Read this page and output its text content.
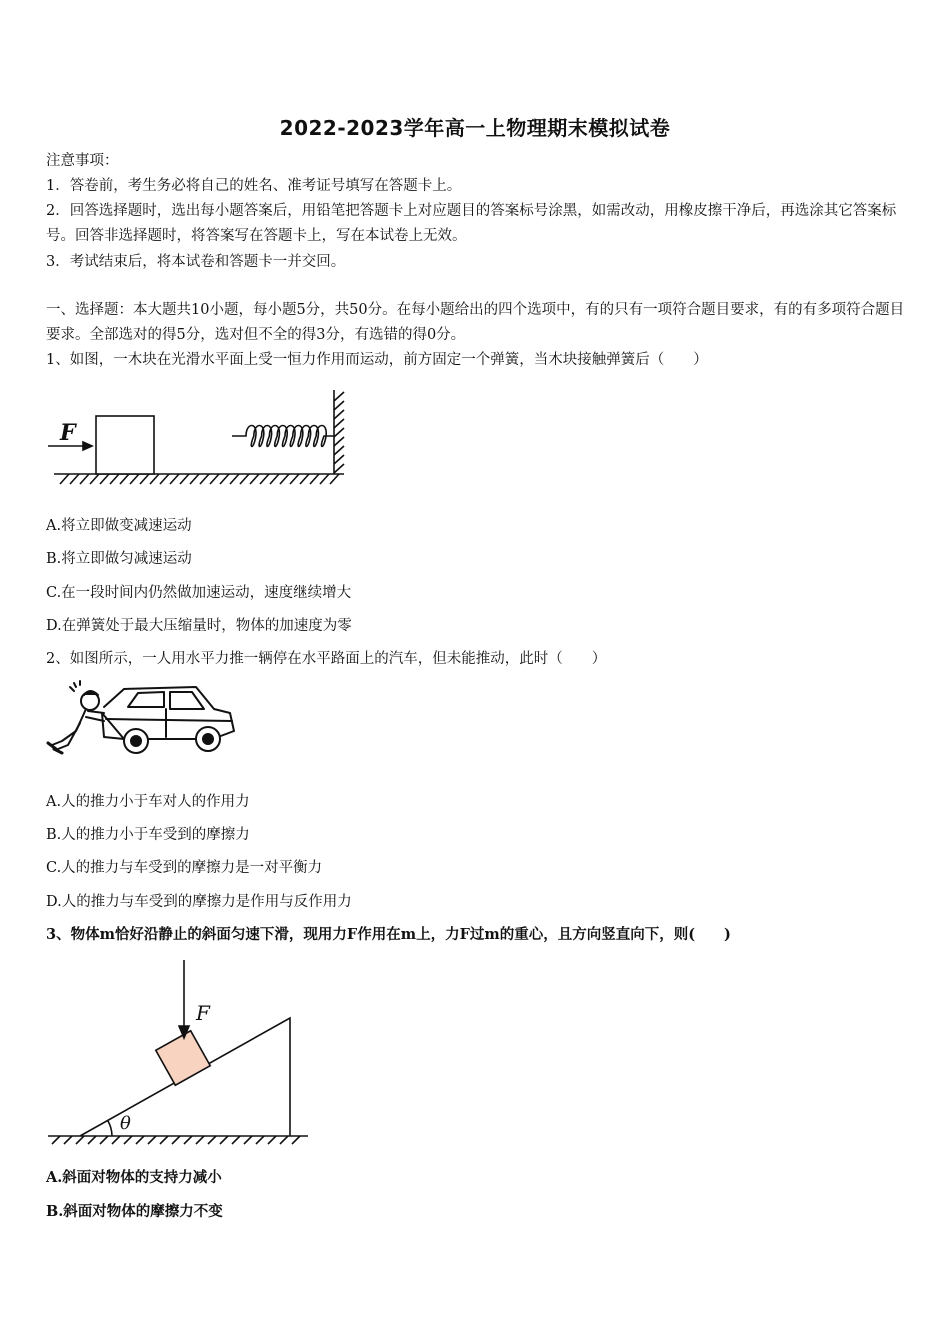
2022-2023学年高一上物理期末模拟试卷
注意事项：
1．答卷前，考生务必将自己的姓名、准考证号填写在答题卡上。
2．回答选择题时，选出每小题答案后，用铅笔把答题卡上对应题目的答案标号涂黑，如需改动，用橡皮擦干净后，再选涂其它答案标号。回答非选择题时，将答案写在答题卡上，写在本试卷上无效。
3．考试结束后，将本试卷和答题卡一并交回。
一、选择题：本大题共10小题，每小题5分，共50分。在每小题给出的四个选项中，有的只有一项符合题目要求，有的有多项符合题目要求。全部选对的得5分，选对但不全的得3分，有选错的得0分。
1、如图，一木块在光滑水平面上受一恒力作用而运动，前方固定一个弹簧，当木块接触弹簧后（　　）
F
A.将立即做变减速运动
B.将立即做匀减速运动
C.在一段时间内仍然做加速运动，速度继续增大
D.在弹簧处于最大压缩量时，物体的加速度为零
2、如图所示，一人用水平力推一辆停在水平路面上的汽车，但未能推动，此时（　　）
A.人的推力小于车对人的作用力
B.人的推力小于车受到的摩擦力
C.人的推力与车受到的摩擦力是一对平衡力
D.人的推力与车受到的摩擦力是作用与反作用力
3、物体m恰好沿静止的斜面匀速下滑，现用力F作用在m上，力F过m的重心，且方向竖直向下，则(　　)
F
θ
A.斜面对物体的支持力减小
B.斜面对物体的摩擦力不变
